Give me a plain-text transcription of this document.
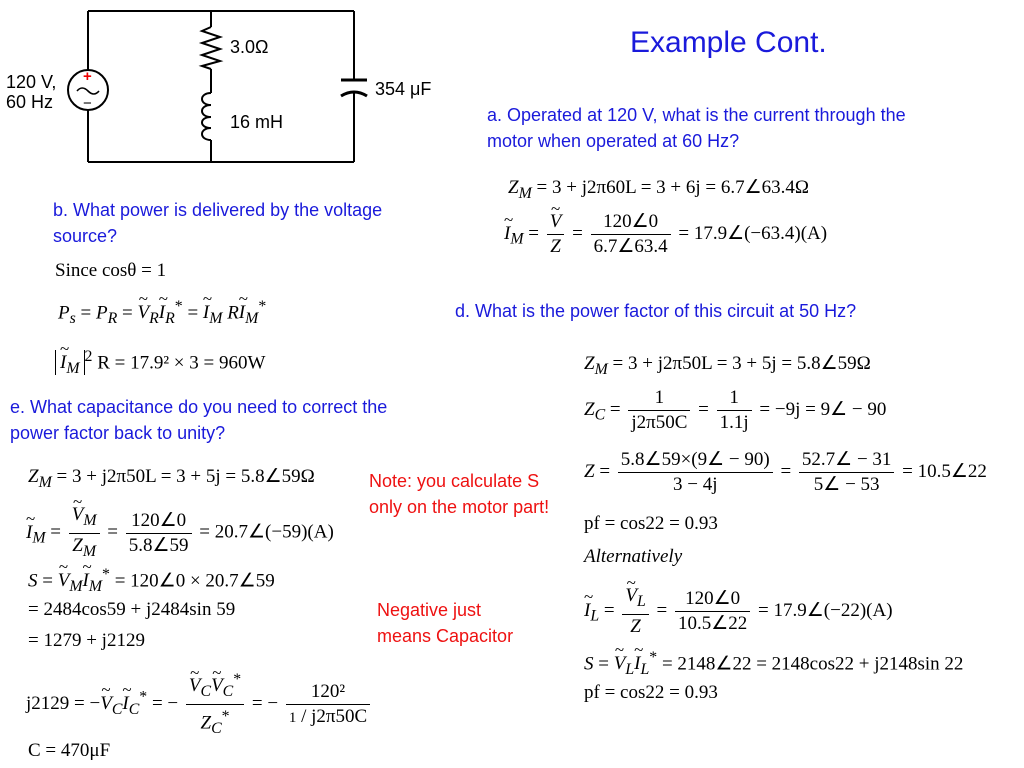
Example Cont.
+
−
120 V,
60 Hz
3.0Ω
16 mH
354 μF
a. Operated at 120 V, what is the current through the motor when operated at 60 Hz?
$Z_M = 3 + j2\pi 60L = 3 + 6j$ = 6.7∠63.4Ω
~ $I_M$ = ~ $\frac{V}{Z} = \frac{120\angle 0}{6.7\angle 63.4}$ = 17.9∠(−63.4)(A)
b. What power is delivered by the voltage source?
Since cosθ = 1
$P_s = P_R$ = ~ $V_R\sim$ $I_R^*$ = ~ $I_M$ R~ $I_M^*$
~ $I_M^2$ R = 17.9² × 3 = 960W
d. What is the power factor of this circuit at 50 Hz?
$Z_M = 3 + j2\pi 50L = 3 + 5j$ = 5.8∠59Ω
$Z_C = \frac{1}{j2\pi 50C} = \frac{1}{1.1j} = -9j$ = 9∠ − 90
$Z = \frac{5.8\angle 59\times(9\angle - 90)}{3 - 4j} = \frac{52.7\angle - 31}{5\angle - 53}$ = 10.5∠22
pf = cos22 = 0.93
Alternatively
~ $I_L$ = ~ $\frac{V_L}{Z} = \frac{120\angle 0}{10.5\angle 22}$ = 17.9∠(−22)(A)
S = ~ $V_L\sim$ $I_L^*$ = 2148∠22 = 2148cos22 + j2148sin 22
pf = cos22 = 0.93
e. What capacitance do you need to correct the power factor back to unity?
$Z_M = 3 + j2\pi 50L = 3 + 5j$ = 5.8∠59Ω
~ $I_M$ = ~ $\frac{V_M}{Z_M} = \frac{120\angle 0}{5.8\angle 59}$ = 20.7∠(−59)(A)
S = ~ $V_M\sim$ $I_M^*$ = 120∠0 × 20.7∠59
= 2484cos59 + j2484sin 59
= 1279 + j2129
j2129 = −~ $V_C\sim$ $I_C^*$ = − ~ $\frac{V_C\sim V_C^*}{Z_C^*}$ = − $\frac{\text{120²}}{1 / j2\pi 50C}$
C = 470μF
Note: you calculate S only on the motor part!
Negative just means Capacitor
